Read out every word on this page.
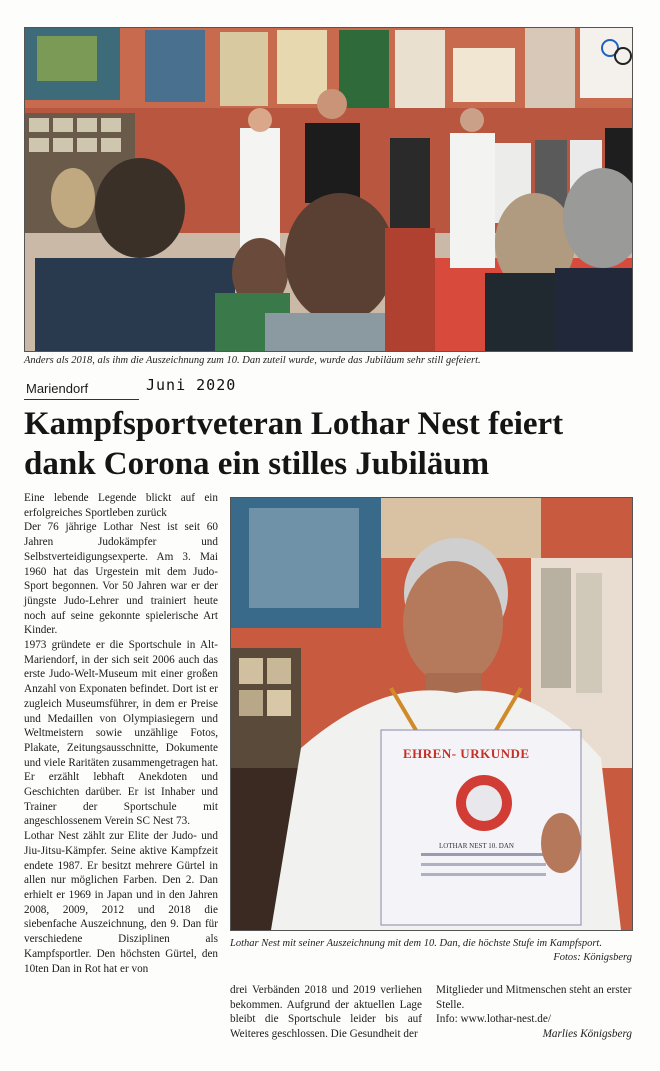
Anders als 2018, als ihm die Auszeichnung zum 10. Dan zuteil wurde, wurde das Jubiläum sehr still gefeiert.
Mariendorf	Juni 2020
Kampfsportveteran Lothar Nest feiert dank Corona ein stilles Jubiläum

Eine lebende Legende blickt auf ein erfolgreiches Sportleben zurück

Der 76 jährige Lothar Nest ist seit 60 Jahren Judokämpfer und Selbstverteidigungsexperte. Am 3. Mai 1960 hat das Urgestein mit dem Judo-Sport begonnen. Vor 50 Jahren war er der jüngste Judo-Lehrer und trainiert heute noch auf seine gekonnte spielerische Art Kinder.

1973 gründete er die Sportschule in Alt-Mariendorf, in der sich seit 2006 auch das erste Judo-Welt-Museum mit einer großen Anzahl von Exponaten befindet. Dort ist er zugleich Museumsführer, in dem er Preise und Medaillen von Olympiasiegern und Weltmeistern sowie unzählige Fotos, Plakate, Zeitungsausschnitte, Dokumente und viele Raritäten zusammengetragen hat. Er erzählt lebhaft Anekdoten und Geschichten darüber. Er ist Inhaber und Trainer der Sportschule mit angeschlossenem Verein SC Nest 73.

Lothar Nest zählt zur Elite der Judo- und Jiu-Jitsu-Kämpfer. Seine aktive Kampfzeit endete 1987. Er besitzt mehrere Gürtel in allen nur möglichen Farben. Den 2. Dan erhielt er 1969 in Japan und in den Jahren 2008, 2009, 2012 und 2018 die siebenfache Auszeichnung, den 9. Dan für verschiedene Disziplinen als Kampfsportler. Den höchsten Gürtel, den 10ten Dan in Rot hat er von

EHREN- URKUNDE
LOTHAR NEST 10. DAN
Lothar Nest mit seiner Auszeichnung mit dem 10. Dan, die höchste Stufe im Kampfsport.
Fotos: Königsberg
drei Verbänden 2018 und 2019 verliehen bekommen. Aufgrund der aktuellen Lage bleibt die Sportschule leider bis auf Weiteres geschlossen. Die Gesundheit der
Mitglieder und Mitmenschen steht an erster Stelle.
Info: www.lothar-nest.de/
Marlies Königsberg
